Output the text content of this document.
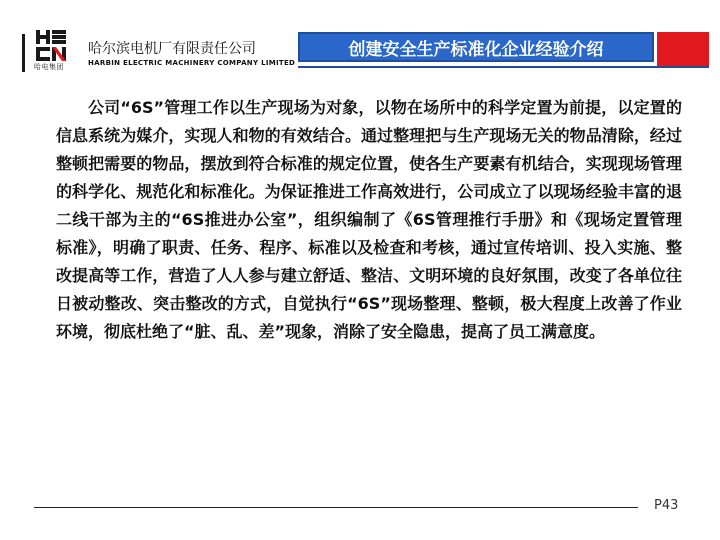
哈电集团
哈尔滨电机厂有限责任公司
HARBIN ELECTRIC MACHINERY COMPANY LIMITED
创建安全生产标准化企业经验介绍

公司“6S”管理工作以生产现场为对象，以物在场所中的科学定置为前提，以定置的信息系统为媒介，实现人和物的有效结合。通过整理把与生产现场无关的物品清除，经过整顿把需要的物品，摆放到符合标准的规定位置，使各生产要素有机结合，实现现场管理的科学化、规范化和标准化。为保证推进工作高效进行，公司成立了以现场经验丰富的退二线干部为主的“6S推进办公室”，组织编制了《6S管理推行手册》和《现场定置管理标准》，明确了职责、任务、程序、标准以及检查和考核，通过宣传培训、投入实施、整改提高等工作，营造了人人参与建立舒适、整洁、文明环境的良好氛围，改变了各单位往日被动整改、突击整改的方式，自觉执行“6S”现场整理、整顿，极大程度上改善了作业环境，彻底杜绝了“脏、乱、差”现象，消除了安全隐患，提高了员工满意度。

P43
